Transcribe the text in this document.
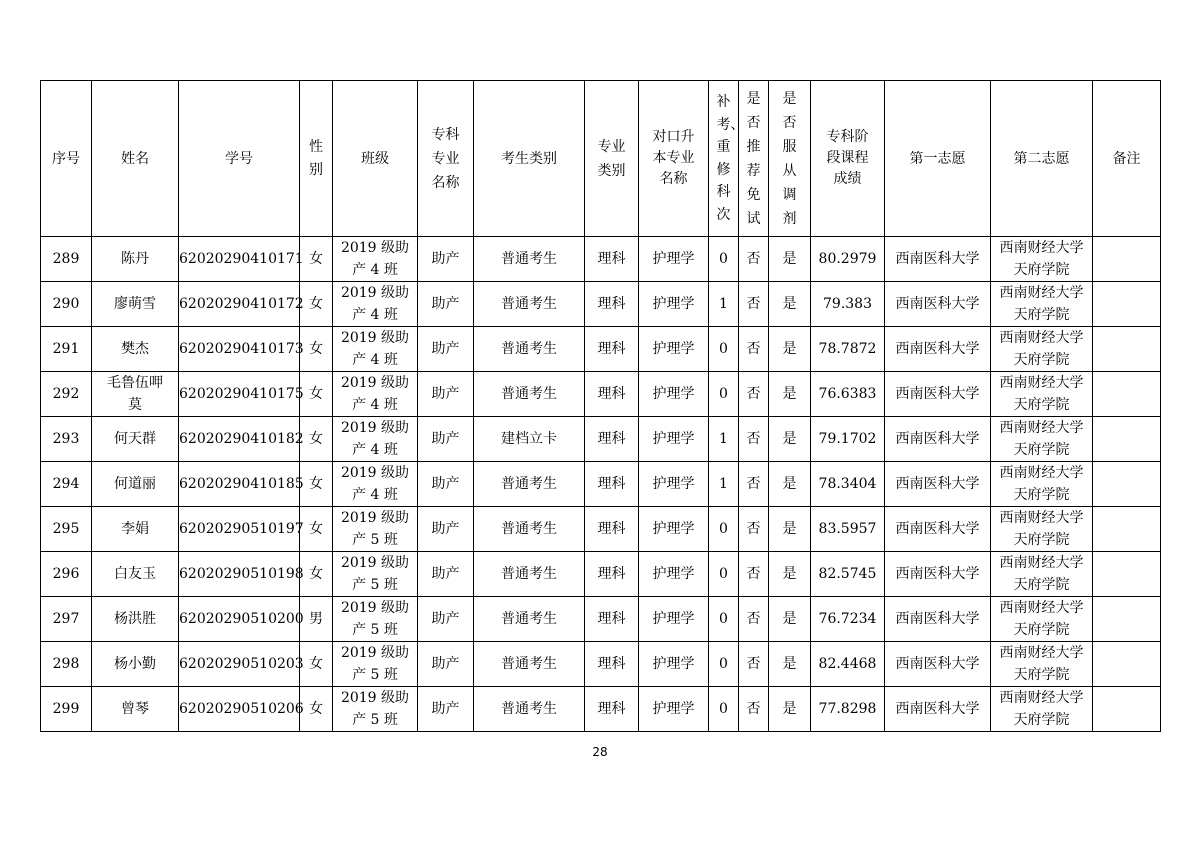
序号	姓名	学号	性别	班级	专科专业名称	考生类别	专业类别	对口升本专业名称	补考、重修科次	是否推荐免试	是否服从调剂	专科阶段课程成绩	第一志愿	第二志愿	备注
289	陈丹	62020290410171	女	2019 级助产 4 班	助产	普通考生	理科	护理学	0	否	是	80.2979	西南医科大学	西南财经大学天府学院	
290	廖萌雪	62020290410172	女	2019 级助产 4 班	助产	普通考生	理科	护理学	1	否	是	79.383	西南医科大学	西南财经大学天府学院	
291	樊杰	62020290410173	女	2019 级助产 4 班	助产	普通考生	理科	护理学	0	否	是	78.7872	西南医科大学	西南财经大学天府学院	
292	毛鲁伍呷莫	62020290410175	女	2019 级助产 4 班	助产	普通考生	理科	护理学	0	否	是	76.6383	西南医科大学	西南财经大学天府学院	
293	何天群	62020290410182	女	2019 级助产 4 班	助产	建档立卡	理科	护理学	1	否	是	79.1702	西南医科大学	西南财经大学天府学院	
294	何道丽	62020290410185	女	2019 级助产 4 班	助产	普通考生	理科	护理学	1	否	是	78.3404	西南医科大学	西南财经大学天府学院	
295	李娟	62020290510197	女	2019 级助产 5 班	助产	普通考生	理科	护理学	0	否	是	83.5957	西南医科大学	西南财经大学天府学院	
296	白友玉	62020290510198	女	2019 级助产 5 班	助产	普通考生	理科	护理学	0	否	是	82.5745	西南医科大学	西南财经大学天府学院	
297	杨洪胜	62020290510200	男	2019 级助产 5 班	助产	普通考生	理科	护理学	0	否	是	76.7234	西南医科大学	西南财经大学天府学院	
298	杨小勤	62020290510203	女	2019 级助产 5 班	助产	普通考生	理科	护理学	0	否	是	82.4468	西南医科大学	西南财经大学天府学院	
299	曾琴	62020290510206	女	2019 级助产 5 班	助产	普通考生	理科	护理学	0	否	是	77.8298	西南医科大学	西南财经大学天府学院	
28
